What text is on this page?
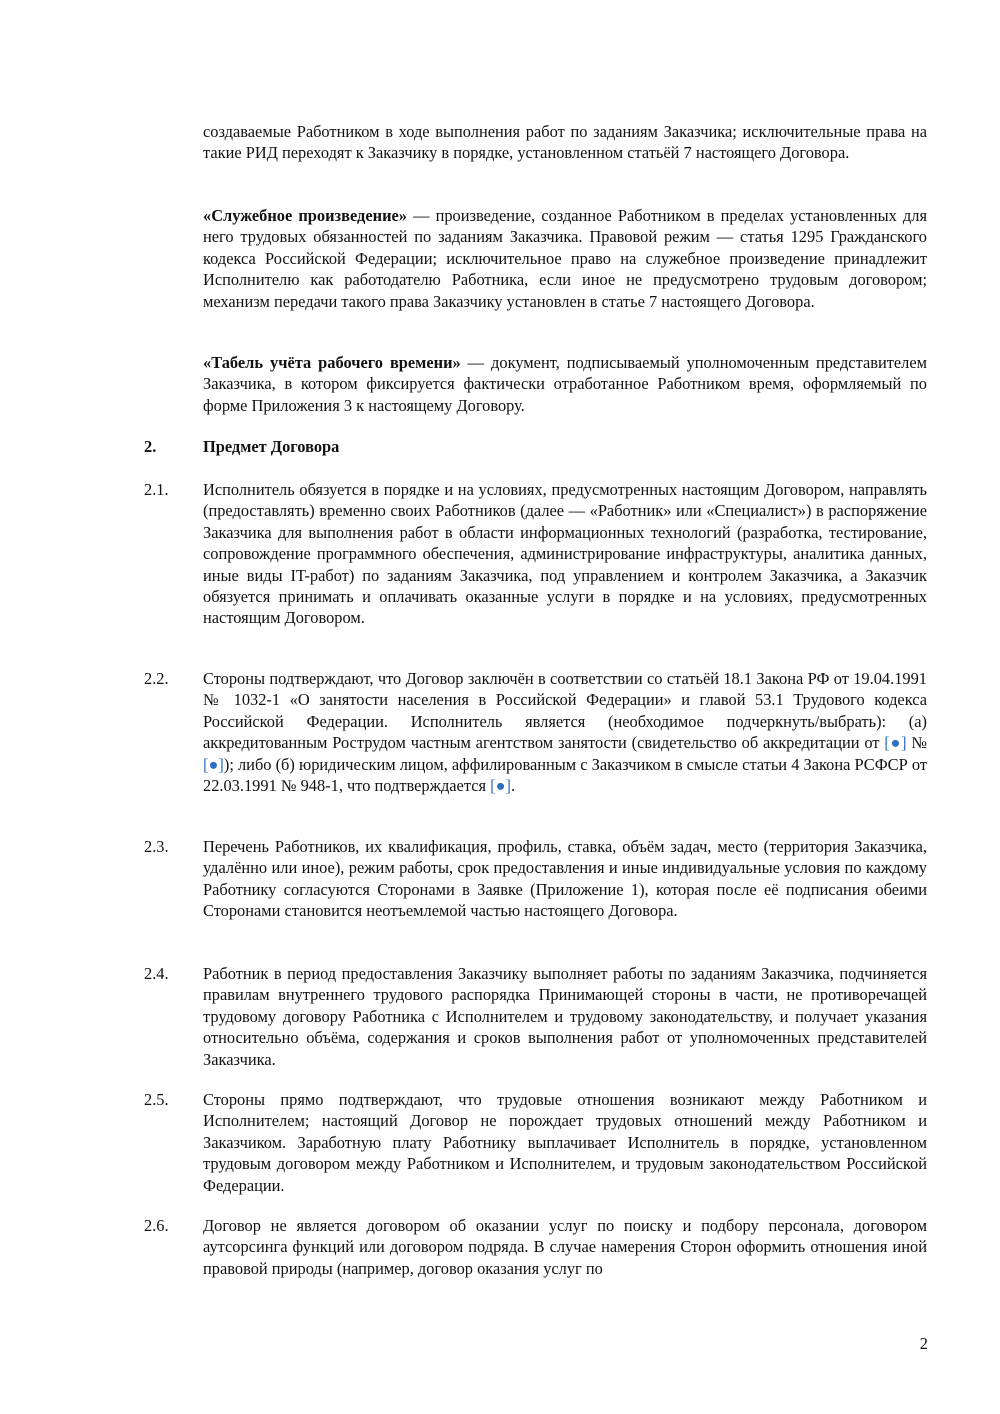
создаваемые Работником в ходе выполнения работ по заданиям Заказчика; исключительные права на такие РИД переходят к Заказчику в порядке, установленном статьёй 7 настоящего Договора.

«Служебное произведение» — произведение, созданное Работником в пределах установленных для него трудовых обязанностей по заданиям Заказчика. Правовой режим — статья 1295 Гражданского кодекса Российской Федерации; исключительное право на служебное произведение принадлежит Исполнителю как работодателю Работника, если иное не предусмотрено трудовым договором; механизм передачи такого права Заказчику установлен в статье 7 настоящего Договора.

«Табель учёта рабочего времени» — документ, подписываемый уполномоченным представителем Заказчика, в котором фиксируется фактически отработанное Работником время, оформляемый по форме Приложения 3 к настоящему Договору.

2.	Предмет Договора
2.1. Исполнитель обязуется в порядке и на условиях, предусмотренных настоящим Договором, направлять (предоставлять) временно своих Работников (далее — «Работник» или «Специалист») в распоряжение Заказчика для выполнения работ в области информационных технологий (разработка, тестирование, сопровождение программного обеспечения, администрирование инфраструктуры, аналитика данных, иные виды IT-работ) по заданиям Заказчика, под управлением и контролем Заказчика, а Заказчик обязуется принимать и оплачивать оказанные услуги в порядке и на условиях, предусмотренных настоящим Договором.
2.2. Стороны подтверждают, что Договор заключён в соответствии со статьёй 18.1 Закона РФ от 19.04.1991 № 1032-1 «О занятости населения в Российской Федерации» и главой 53.1 Трудового кодекса Российской Федерации. Исполнитель является (необходимое подчеркнуть/выбрать): (а) аккредитованным Рострудом частным агентством занятости (свидетельство об аккредитации от [●] № [●]); либо (б) юридическим лицом, аффилированным с Заказчиком в смысле статьи 4 Закона РСФСР от 22.03.1991 № 948-1, что подтверждается [●].
2.3. Перечень Работников, их квалификация, профиль, ставка, объём задач, место (территория Заказчика, удалённо или иное), режим работы, срок предоставления и иные индивидуальные условия по каждому Работнику согласуются Сторонами в Заявке (Приложение 1), которая после её подписания обеими Сторонами становится неотъемлемой частью настоящего Договора.
2.4. Работник в период предоставления Заказчику выполняет работы по заданиям Заказчика, подчиняется правилам внутреннего трудового распорядка Принимающей стороны в части, не противоречащей трудовому договору Работника с Исполнителем и трудовому законодательству, и получает указания относительно объёма, содержания и сроков выполнения работ от уполномоченных представителей Заказчика.
2.5. Стороны прямо подтверждают, что трудовые отношения возникают между Работником и Исполнителем; настоящий Договор не порождает трудовых отношений между Работником и Заказчиком. Заработную плату Работнику выплачивает Исполнитель в порядке, установленном трудовым договором между Работником и Исполнителем, и трудовым законодательством Российской Федерации.
2.6. Договор не является договором об оказании услуг по поиску и подбору персонала, договором аутсорсинга функций или договором подряда. В случае намерения Сторон оформить отношения иной правовой природы (например, договор оказания услуг по
2
